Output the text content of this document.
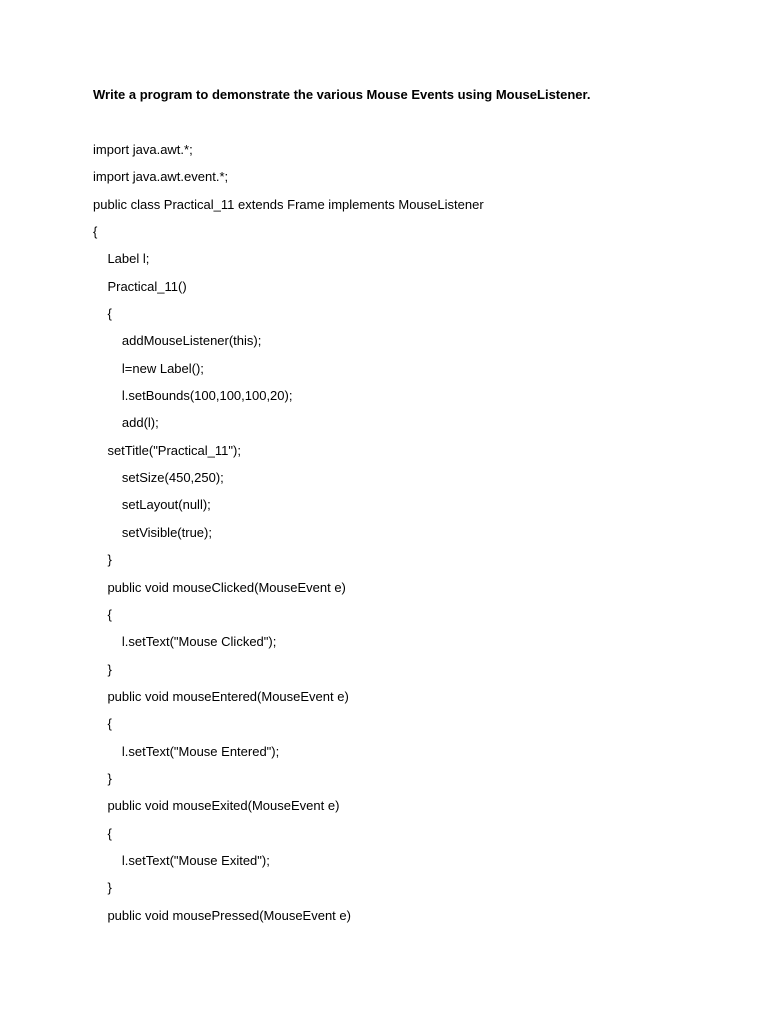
Write a program to demonstrate the various Mouse Events using MouseListener.
import java.awt.*;
import java.awt.event.*;
public class Practical_11 extends Frame implements MouseListener
{
Label l;
Practical_11()
{
addMouseListener(this);
l=new Label();
l.setBounds(100,100,100,20);
add(l);
setTitle("Practical_11");
setSize(450,250);
setLayout(null);
setVisible(true);
}
public void mouseClicked(MouseEvent e)
{
l.setText("Mouse Clicked");
}
public void mouseEntered(MouseEvent e)
{
l.setText("Mouse Entered");
}
public void mouseExited(MouseEvent e)
{
l.setText("Mouse Exited");
}
public void mousePressed(MouseEvent e)
